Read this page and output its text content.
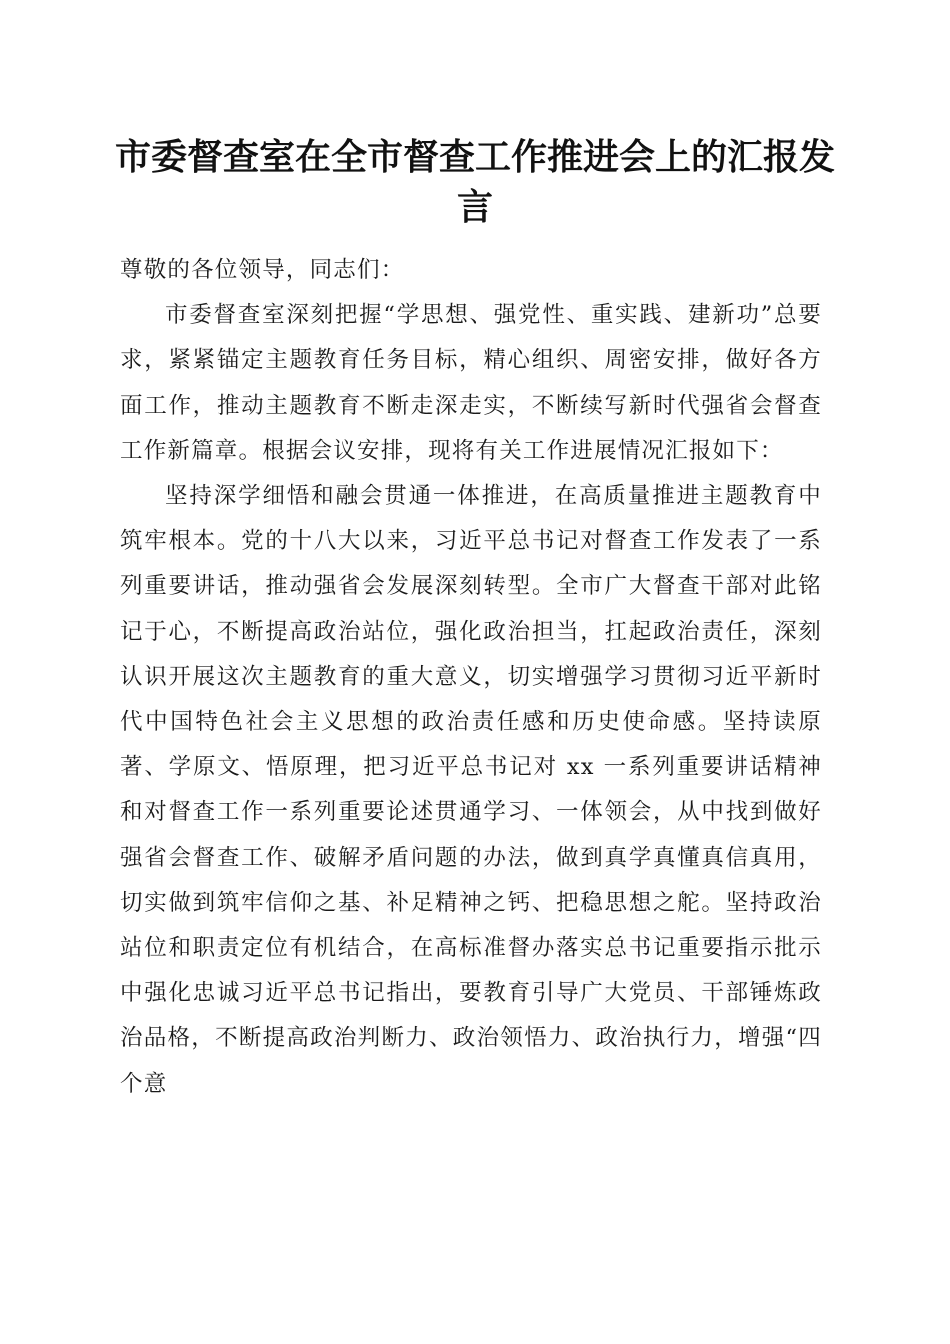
市委督查室在全市督查工作推进会上的汇报发言

尊敬的各位领导，同志们：

市委督查室深刻把握“学思想、强党性、重实践、建新功”总要求，紧紧锚定主题教育任务目标，精心组织、周密安排，做好各方面工作，推动主题教育不断走深走实，不断续写新时代强省会督查工作新篇章。根据会议安排，现将有关工作进展情况汇报如下：

坚持深学细悟和融会贯通一体推进，在高质量推进主题教育中筑牢根本。党的十八大以来，习近平总书记对督查工作发表了一系列重要讲话，推动强省会发展深刻转型。全市广大督查干部对此铭记于心，不断提高政治站位，强化政治担当，扛起政治责任，深刻认识开展这次主题教育的重大意义，切实增强学习贯彻习近平新时代中国特色社会主义思想的政治责任感和历史使命感。坚持读原著、学原文、悟原理，把习近平总书记对 xx 一系列重要讲话精神和对督查工作一系列重要论述贯通学习、一体领会，从中找到做好强省会督查工作、破解矛盾问题的办法，做到真学真懂真信真用，切实做到筑牢信仰之基、补足精神之钙、把稳思想之舵。坚持政治站位和职责定位有机结合，在高标准督办落实总书记重要指示批示中强化忠诚习近平总书记指出，要教育引导广大党员、干部锤炼政治品格，不断提高政治判断力、政治领悟力、政治执行力，增强“四个意
